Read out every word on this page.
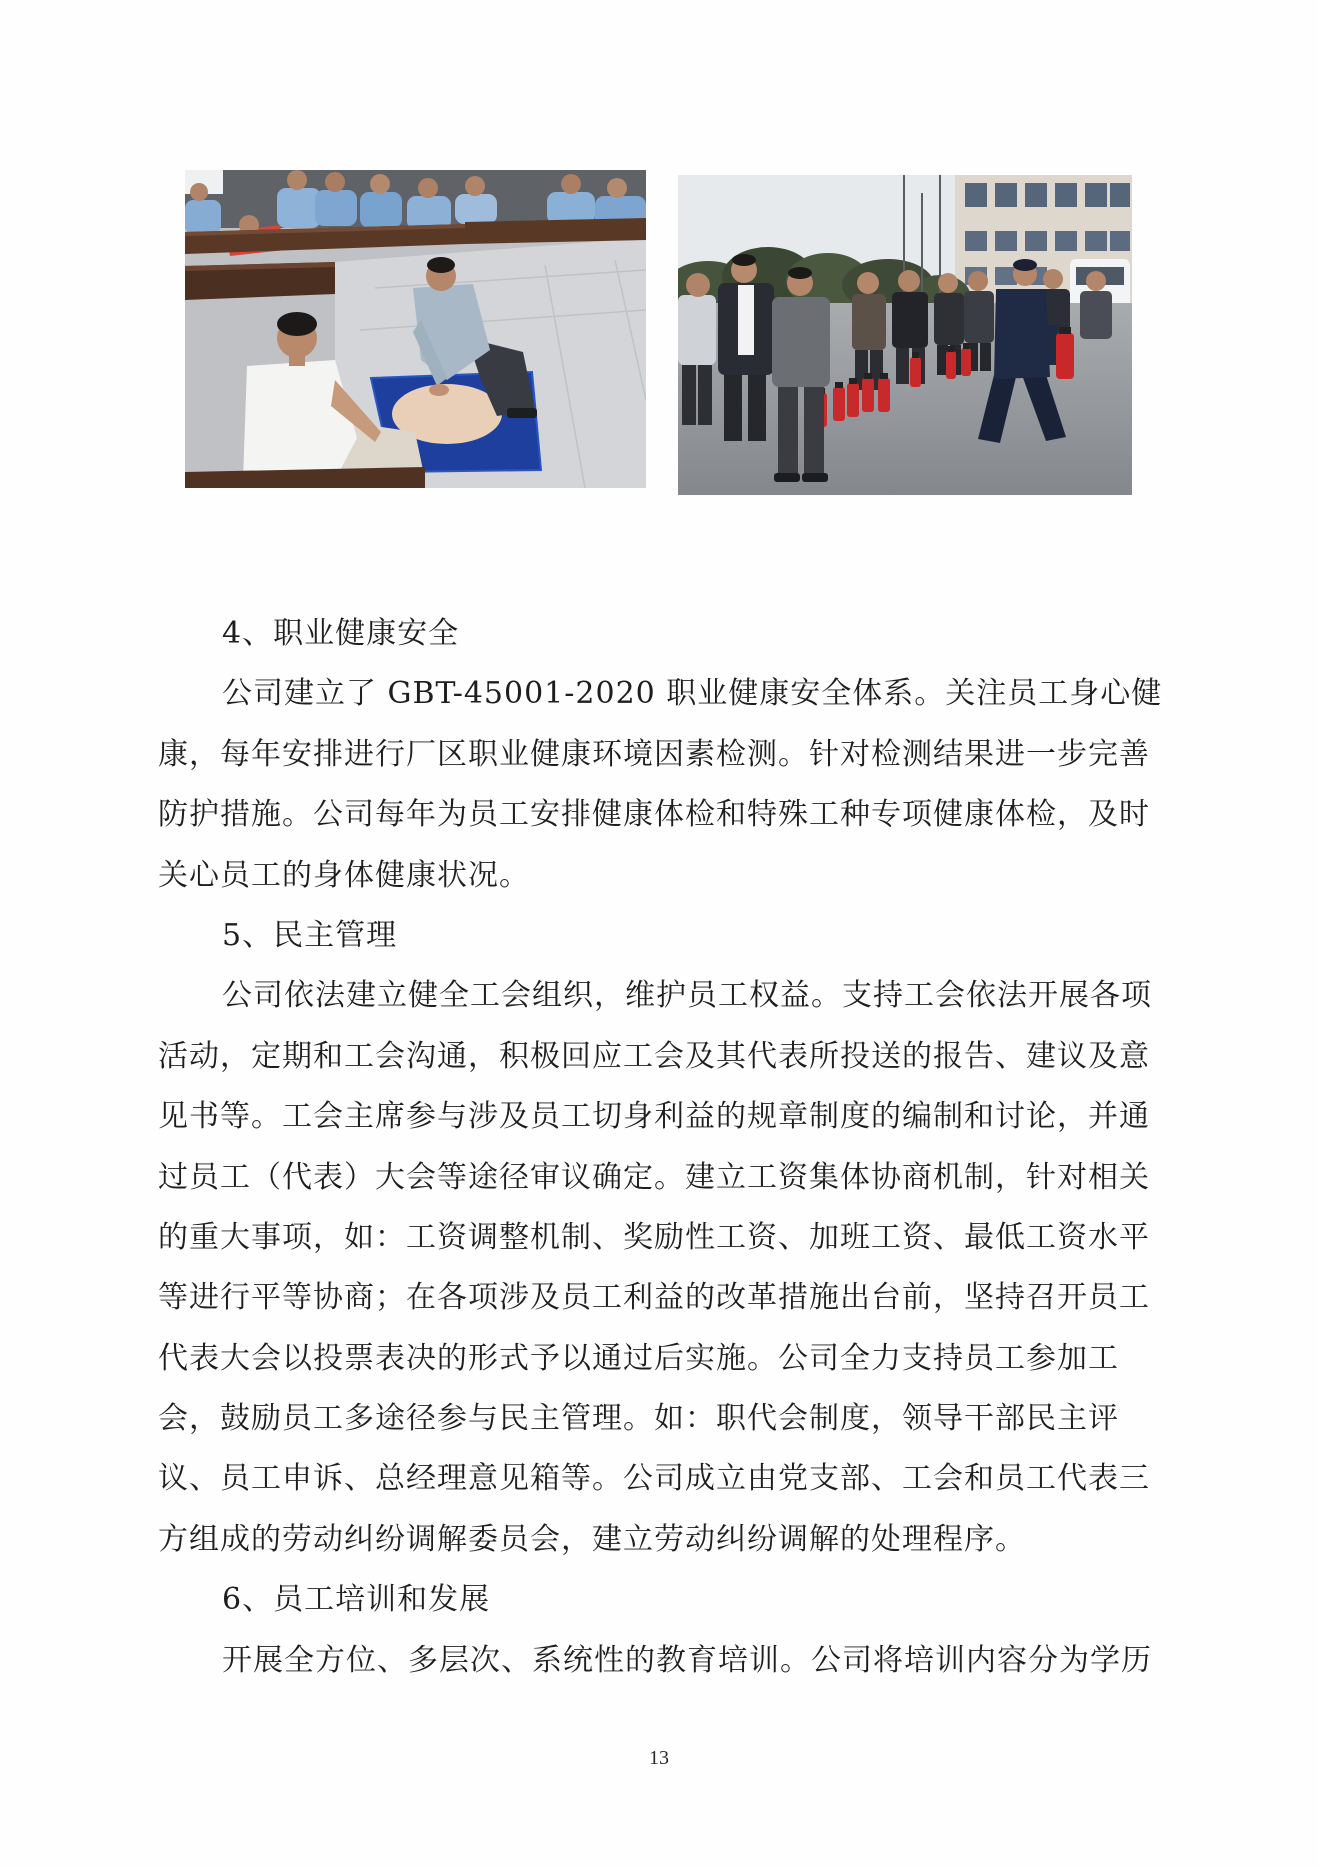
4、职业健康安全
公司建立了 GBT-45001-2020 职业健康安全体系。关注员工身心健
康，每年安排进行厂区职业健康环境因素检测。针对检测结果进一步完善
防护措施。公司每年为员工安排健康体检和特殊工种专项健康体检，及时
关心员工的身体健康状况。
5、民主管理
公司依法建立健全工会组织，维护员工权益。支持工会依法开展各项
活动，定期和工会沟通，积极回应工会及其代表所投送的报告、建议及意
见书等。工会主席参与涉及员工切身利益的规章制度的编制和讨论，并通
过员工（代表）大会等途径审议确定。建立工资集体协商机制，针对相关
的重大事项，如：工资调整机制、奖励性工资、加班工资、最低工资水平
等进行平等协商；在各项涉及员工利益的改革措施出台前，坚持召开员工
代表大会以投票表决的形式予以通过后实施。公司全力支持员工参加工
会，鼓励员工多途径参与民主管理。如：职代会制度，领导干部民主评
议、员工申诉、总经理意见箱等。公司成立由党支部、工会和员工代表三
方组成的劳动纠纷调解委员会，建立劳动纠纷调解的处理程序。
6、员工培训和发展
开展全方位、多层次、系统性的教育培训。公司将培训内容分为学历
13
